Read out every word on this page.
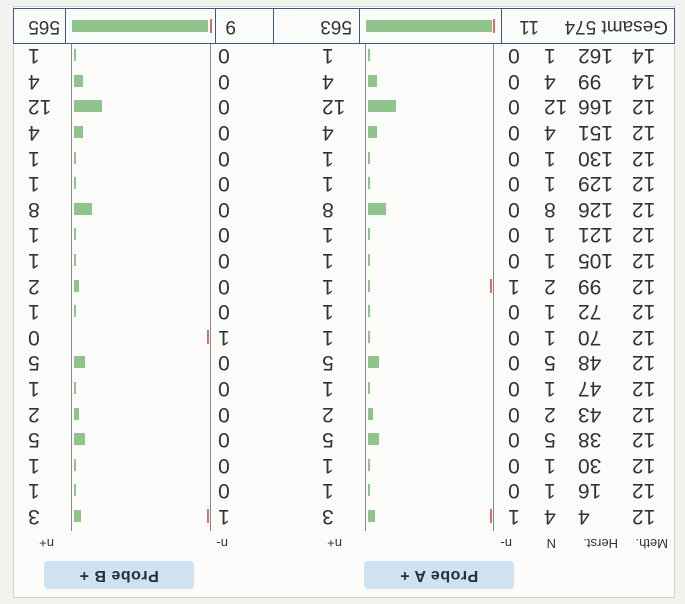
Probe A +
Probe B +
Meth.
Herst.
N
n-
n+
n-
n+
12
4
4
1
3
1
3
12
16
1
0
1
0
1
12
30
1
0
1
0
1
12
38
5
0
5
0
5
12
43
2
0
2
0
2
12
47
1
0
1
0
1
12
48
5
0
5
0
5
12
70
1
0
1
1
0
12
72
1
0
1
0
1
12
99
2
1
1
0
2
12
105
1
0
1
0
1
12
121
1
0
1
0
1
12
126
8
0
8
0
8
12
129
1
0
1
0
1
12
130
1
0
1
0
1
12
151
4
0
4
0
4
12
166
12
0
12
0
12
14
99
4
0
4
0
4
14
162
1
0
1
0
1
Gesamt 574
11
563
9
565
